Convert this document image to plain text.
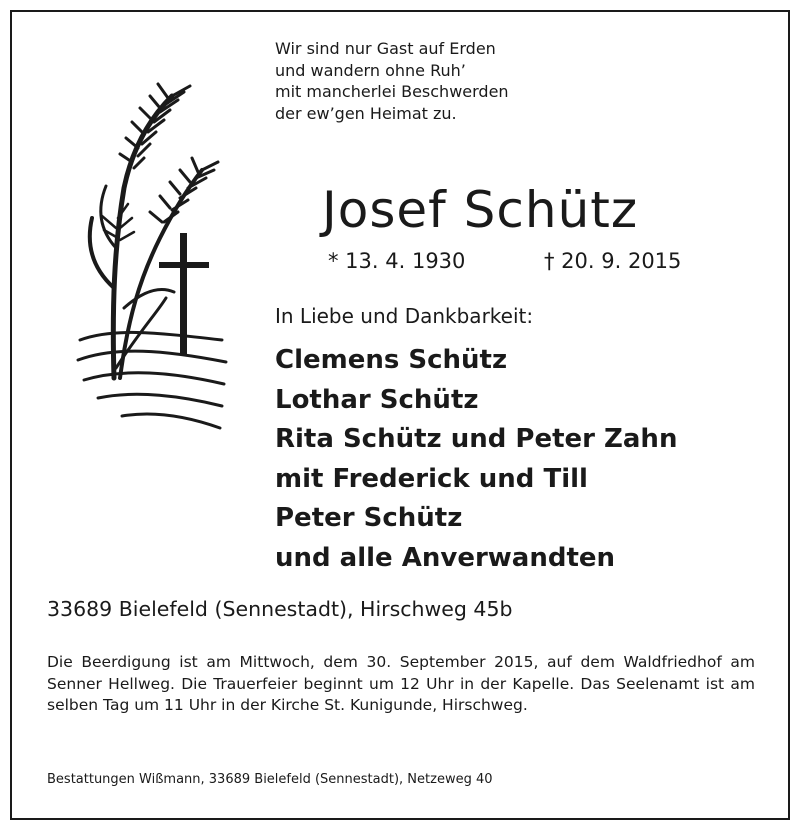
Wir sind nur Gast auf Erden
und wandern ohne Ruh’
mit mancherlei Beschwerden
der ew’gen Heimat zu.
Josef Schütz
* 13. 4. 1930	† 20. 9. 2015
In Liebe und Dankbarkeit:
Clemens Schütz
Lothar Schütz
Rita Schütz und Peter Zahn
mit Frederick und Till
Peter Schütz
und alle Anverwandten
33689 Bielefeld (Sennestadt), Hirschweg 45b
Die Beerdigung ist am Mittwoch, dem 30. September 2015, auf dem Waldfriedhof am Senner Hellweg. Die Trauerfeier beginnt um 12 Uhr in der Kapelle. Das Seelenamt ist am selben Tag um 11 Uhr in der Kirche St. Kunigunde, Hirschweg.
Bestattungen Wißmann, 33689 Bielefeld (Sennestadt), Netzeweg 40
